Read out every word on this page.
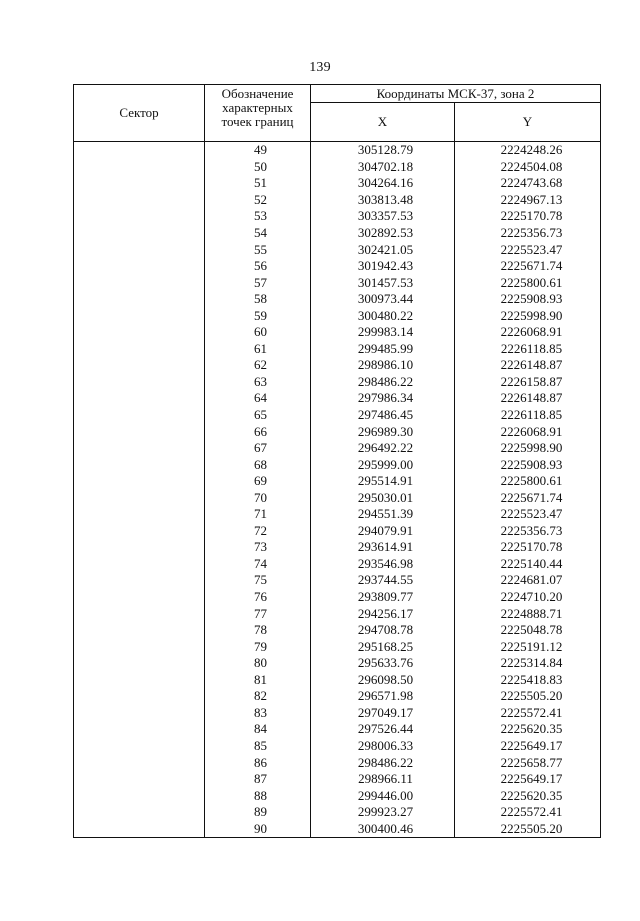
139
Сектор	Обозначение
характерных
точек границ	Координаты МСК-37, зона 2	
		X	Y
	49	305128.79	2224248.26
	50	304702.18	2224504.08
	51	304264.16	2224743.68
	52	303813.48	2224967.13
	53	303357.53	2225170.78
	54	302892.53	2225356.73
	55	302421.05	2225523.47
	56	301942.43	2225671.74
	57	301457.53	2225800.61
	58	300973.44	2225908.93
	59	300480.22	2225998.90
	60	299983.14	2226068.91
	61	299485.99	2226118.85
	62	298986.10	2226148.87
	63	298486.22	2226158.87
	64	297986.34	2226148.87
	65	297486.45	2226118.85
	66	296989.30	2226068.91
	67	296492.22	2225998.90
	68	295999.00	2225908.93
	69	295514.91	2225800.61
	70	295030.01	2225671.74
	71	294551.39	2225523.47
	72	294079.91	2225356.73
	73	293614.91	2225170.78
	74	293546.98	2225140.44
	75	293744.55	2224681.07
	76	293809.77	2224710.20
	77	294256.17	2224888.71
	78	294708.78	2225048.78
	79	295168.25	2225191.12
	80	295633.76	2225314.84
	81	296098.50	2225418.83
	82	296571.98	2225505.20
	83	297049.17	2225572.41
	84	297526.44	2225620.35
	85	298006.33	2225649.17
	86	298486.22	2225658.77
	87	298966.11	2225649.17
	88	299446.00	2225620.35
	89	299923.27	2225572.41
	90	300400.46	2225505.20
